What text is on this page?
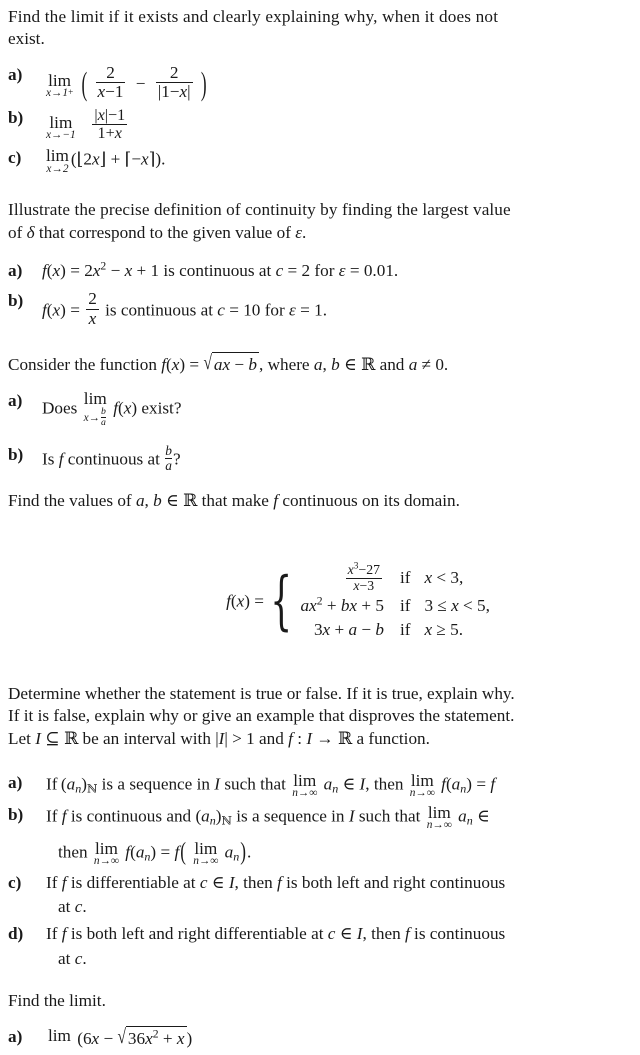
Find the limit if it exists and clearly explaining why, when it does not

exist.

a) lim
x→1+ ( $\frac{2}{x-1} - \frac{2}{|1-x|}$ )
b) lim
x→−1
$\frac{|x|-1}{1+x}$
c) lim
x→2
(⌊2x⌋ + ⌈−x⌉).

Illustrate the precise definition of continuity by finding the largest value

of δ that correspond to the given value of ε.

a) $f(x) = 2x^2 - x + 1$ is continuous at c = 2 for ε = 0.01.
b) $f(x) = \frac{2}{x}$ is continuous at c = 10 for ε = 1.

Consider the function f(x) = √ax − b , where a, b ∈ ℝ and a ≠ 0.

a) Does lim
$x\to \frac{b}{a} f(x)$ exist?
b) Is f continuous at $\frac{b}{a}$ ?

Find the values of a, b ∈ ℝ that make f continuous on its domain.

f(x) = {	$\frac{x^3-27}{x-3}$	if	x < 3,
$ax^2$ + bx + 5	if	3 ≤ x < 5,
3x + a − b	if	x ≥ 5.

Determine whether the statement is true or false. If it is true, explain why.

If it is false, explain why or give an example that disproves the statement.

Let I ⊆ ℝ be an interval with |I| > 1 and f : I → ℝ a function.

a) If $(a_n)_ℕ$ is a sequence in I such that lim
n→∞
$a_n$ ∈ I, then lim
n→∞
$f(a_n) = f$
b) If f is continuous and $(a_n)_ℕ$ is a sequence in I such that lim
n→∞
$a_n$ ∈
then lim
n→∞
$f(a_n) = f$( lim
n→∞
$a_n$).
c) If f is differentiable at c ∈ I, then f is both left and right continuous
at c.
d) If f is both left and right differentiable at c ∈ I, then f is continuous
at c.

Find the limit.

a) lim
($6x - √36x^2 + x$ )
